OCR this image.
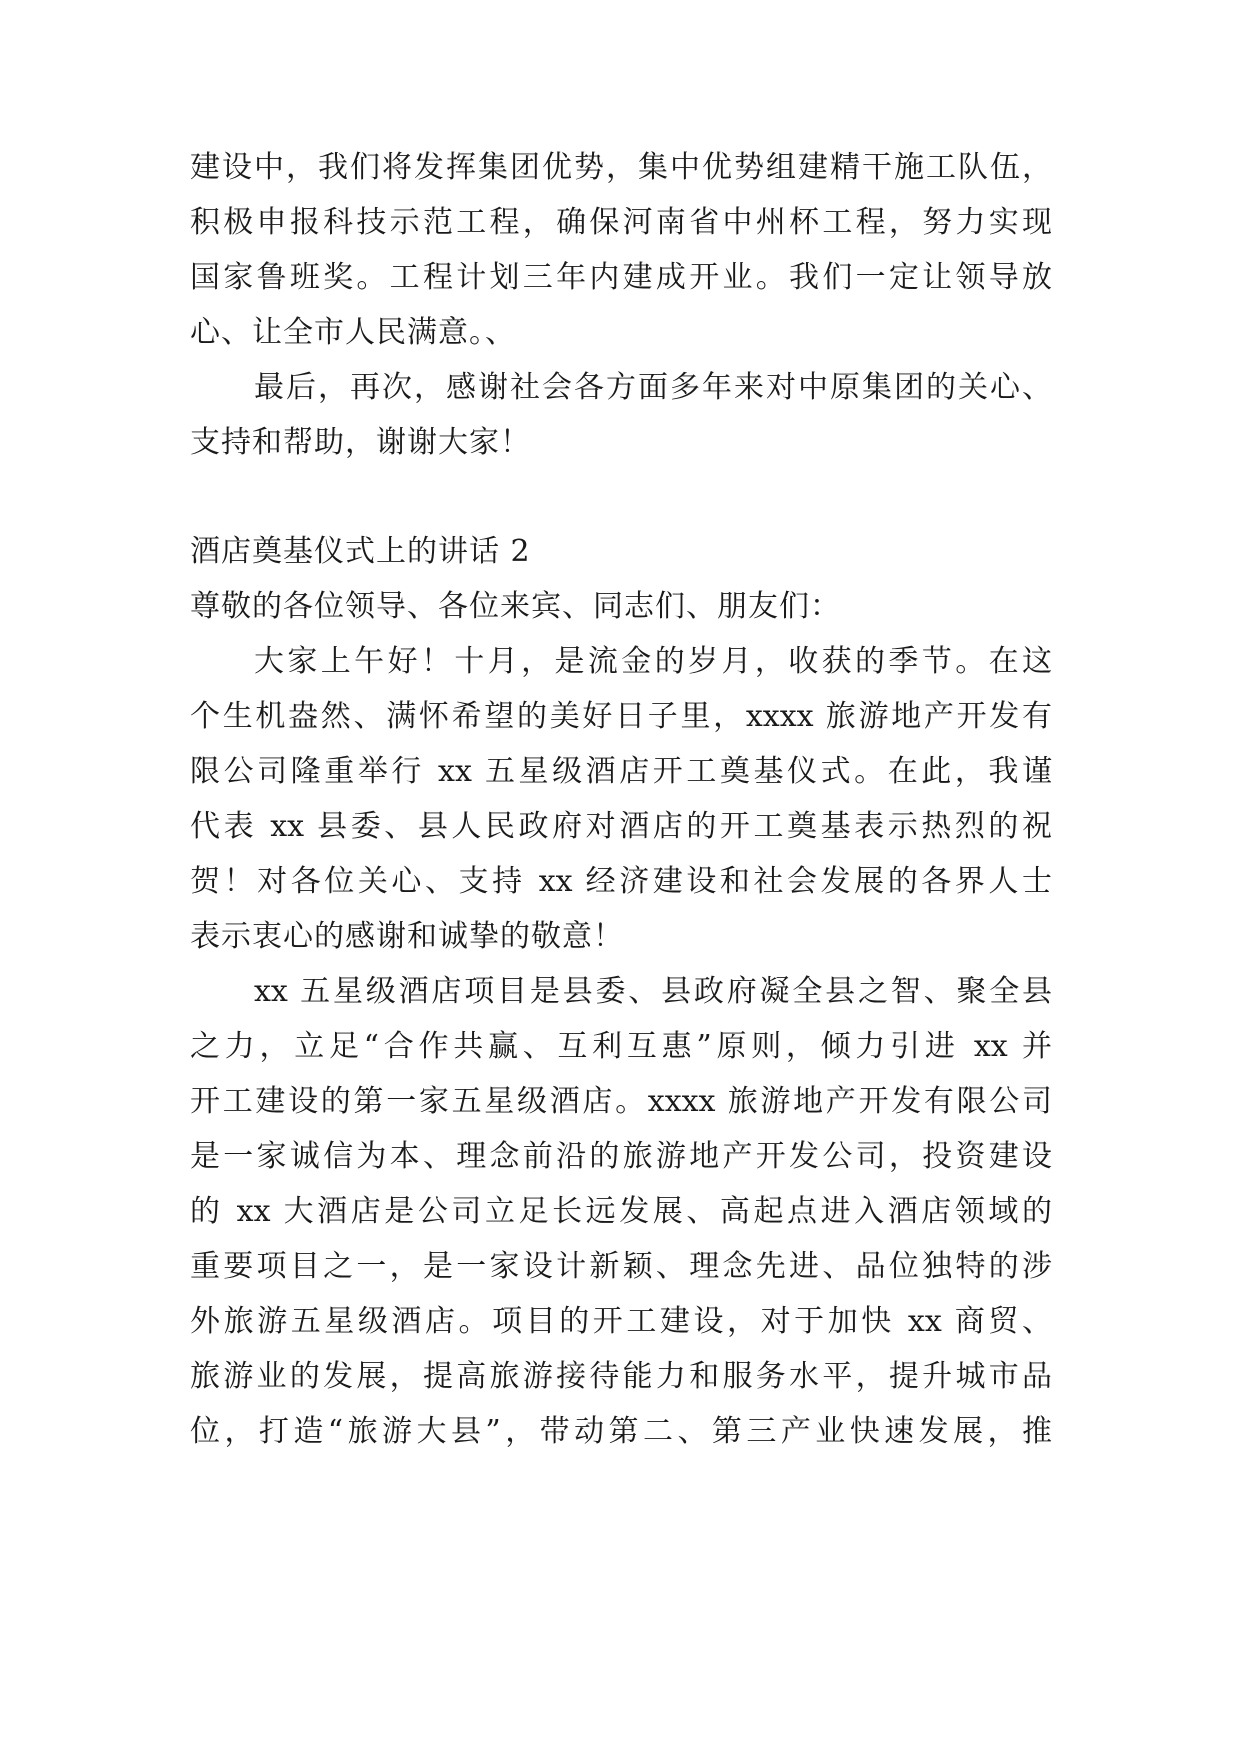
建设中，我们将发挥集团优势，集中优势组建精干施工队伍，
积极申报科技示范工程，确保河南省中州杯工程，努力实现
国家鲁班奖。工程计划三年内建成开业。我们一定让领导放
心、让全市人民满意。、
最后，再次，感谢社会各方面多年来对中原集团的关心、
支持和帮助，谢谢大家！
酒店奠基仪式上的讲话 2
尊敬的各位领导、各位来宾、同志们、朋友们：
大家上午好！十月，是流金的岁月，收获的季节。在这
个生机盎然、满怀希望的美好日子里，xxxx 旅游地产开发有
限公司隆重举行 xx 五星级酒店开工奠基仪式。在此，我谨
代表 xx 县委、县人民政府对酒店的开工奠基表示热烈的祝
贺！对各位关心、支持 xx 经济建设和社会发展的各界人士
表示衷心的感谢和诚挚的敬意！
xx 五星级酒店项目是县委、县政府凝全县之智、聚全县
之力，立足“合作共赢、互利互惠”原则，倾力引进 xx 并
开工建设的第一家五星级酒店。xxxx 旅游地产开发有限公司
是一家诚信为本、理念前沿的旅游地产开发公司，投资建设
的 xx 大酒店是公司立足长远发展、高起点进入酒店领域的
重要项目之一，是一家设计新颖、理念先进、品位独特的涉
外旅游五星级酒店。项目的开工建设，对于加快 xx 商贸、
旅游业的发展，提高旅游接待能力和服务水平，提升城市品
位，打造“旅游大县”，带动第二、第三产业快速发展，推
